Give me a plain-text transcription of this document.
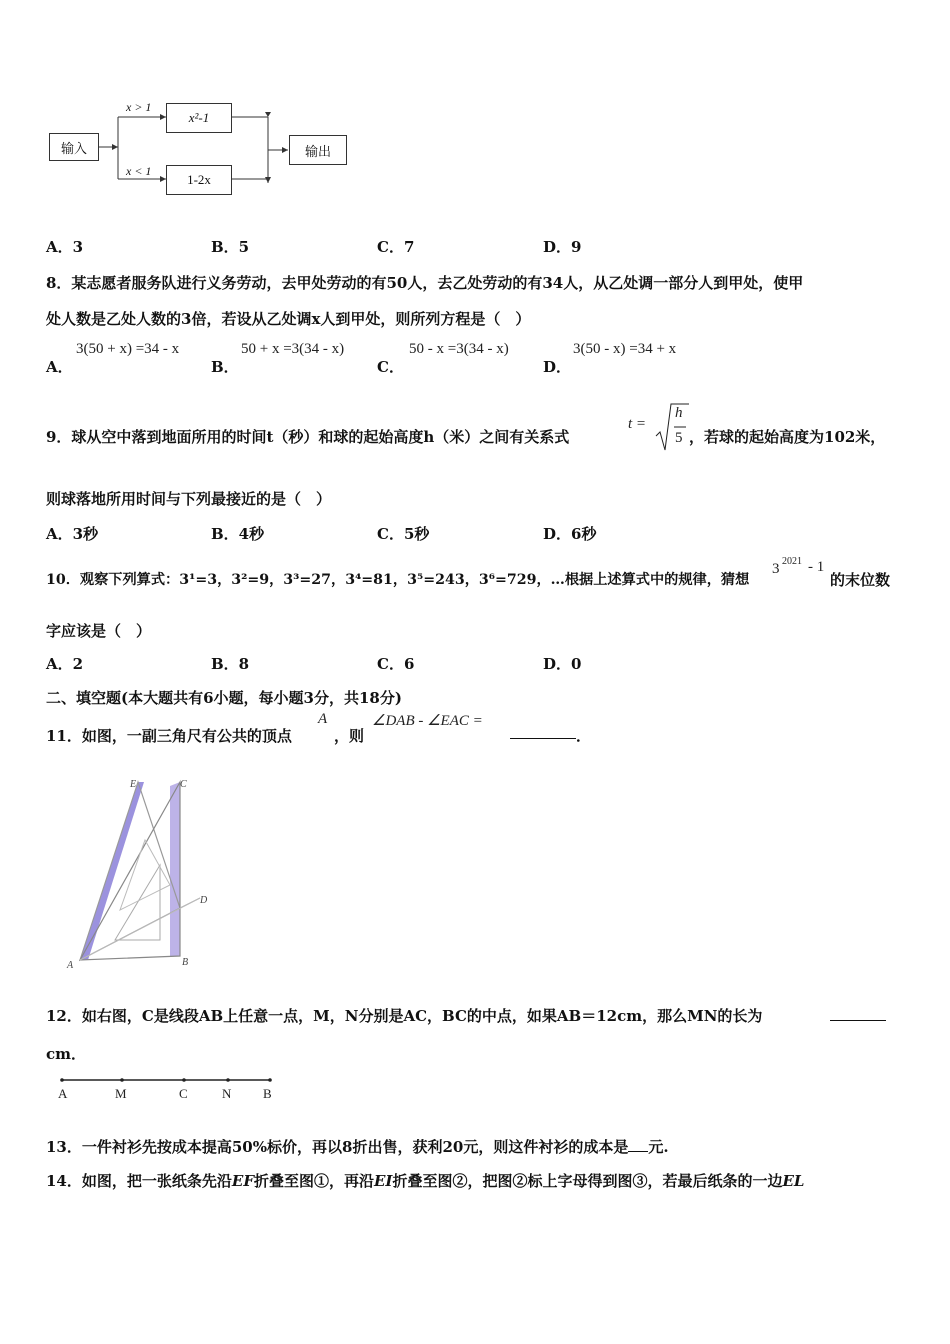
输入
x > 1
x < 1
x²-1
1-2x
输出
A．3	B．5	C．7	D．9
8．某志愿者服务队进行义务劳动，去甲处劳动的有50人，去乙处劳动的有34人，从乙处调一部分人到甲处，使甲
处人数是乙处人数的3倍，若设从乙处调x人到甲处，则所列方程是（　）
A．
3(50 + x) =34 - x
B．
50 + x =3(34 - x)
C．
50 - x =3(34 - x)
D．
3(50 - x) =34 + x
9．球从空中落到地面所用的时间t（秒）和球的起始高度h（米）之间有关系式
t =
h
5 ，若球的起始高度为102米，
则球落地所用时间与下列最接近的是（　）
A．3秒	B．4秒	C．5秒	D．6秒
10．观察下列算式：3¹=3，3²=9，3³=27，3⁴=81，3⁵=243，3⁶=729，…根据上述算式中的规律，猜想
3 2021 - 1
的末位数
字应该是（　）
A．2	B．8	C．6	D．0
二、填空题(本大题共有6小题，每小题3分，共18分)
11．如图，一副三角尺有公共的顶点
A
，则
∠DAB - ∠EAC =
．
E	C
D
A	B
12．如右图，C是线段AB上任意一点，M，N分别是AC，BC的中点，如果AB＝12cm，那么MN的长为
cm．
A	M	C	N B
13．一件衬衫先按成本提高50%标价，再以8折出售，获利20元，则这件衬衫的成本是 元.
14．如图，把一张纸条先沿EF折叠至图①，再沿EI折叠至图②，把图②标上字母得到图③，若最后纸条的一边EL
